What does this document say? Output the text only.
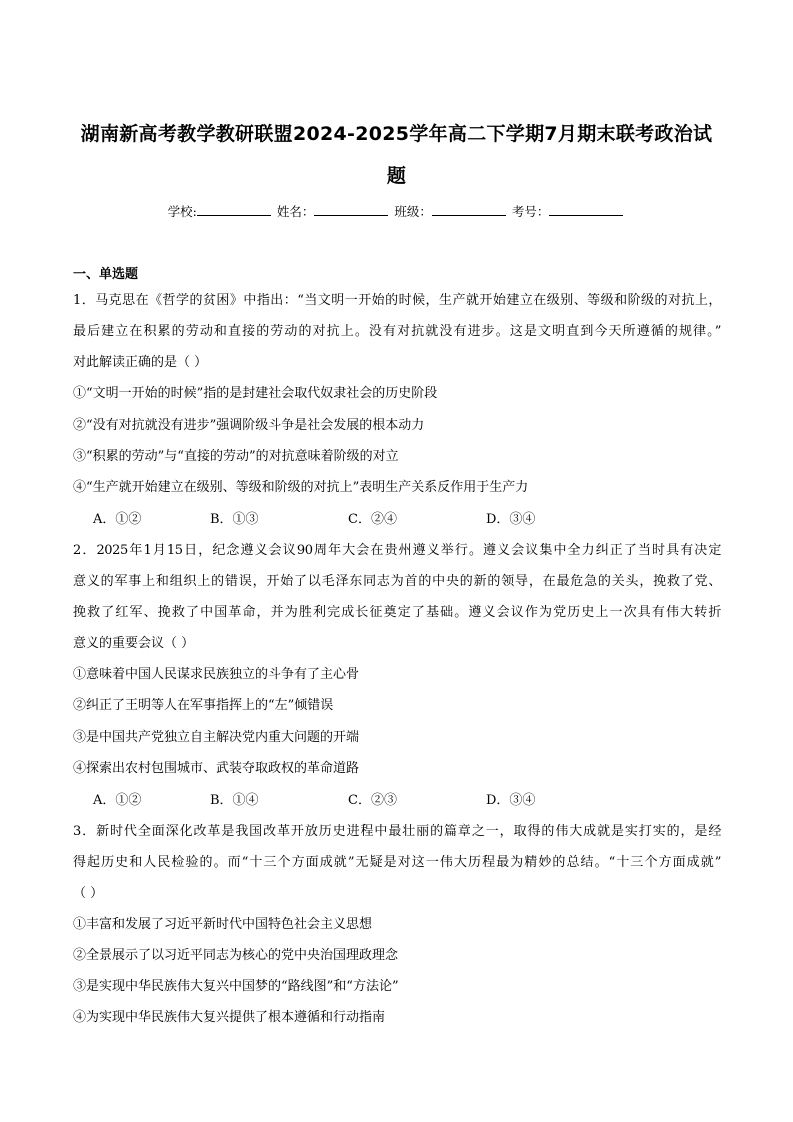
湖南新高考教学教研联盟2024-2025学年高二下学期7月期末联考政治试
题
学校:	姓名：	班级：	考号：
一、单选题
1．马克思在《哲学的贫困》中指出：“当文明一开始的时候，生产就开始建立在级别、等级和阶级的对抗上，
最后建立在积累的劳动和直接的劳动的对抗上。没有对抗就没有进步。这是文明直到今天所遵循的规律。”
对此解读正确的是（ ）
①“文明一开始的时候”指的是封建社会取代奴隶社会的历史阶段
②“没有对抗就没有进步”强调阶级斗争是社会发展的根本动力
③“积累的劳动”与“直接的劳动”的对抗意味着阶级的对立
④“生产就开始建立在级别、等级和阶级的对抗上”表明生产关系反作用于生产力
A．①②	B．①③	C．②④	D．③④
2．2025年1月15日，纪念遵义会议90周年大会在贵州遵义举行。遵义会议集中全力纠正了当时具有决定
意义的军事上和组织上的错误，开始了以毛泽东同志为首的中央的新的领导，在最危急的关头，挽救了党、
挽救了红军、挽救了中国革命，并为胜利完成长征奠定了基础。遵义会议作为党历史上一次具有伟大转折
意义的重要会议（ ）
①意味着中国人民谋求民族独立的斗争有了主心骨
②纠正了王明等人在军事指挥上的“左”倾错误
③是中国共产党独立自主解决党内重大问题的开端
④探索出农村包围城市、武装夺取政权的革命道路
A．①②	B．①④	C．②③	D．③④
3．新时代全面深化改革是我国改革开放历史进程中最壮丽的篇章之一，取得的伟大成就是实打实的，是经
得起历史和人民检验的。而“十三个方面成就”无疑是对这一伟大历程最为精妙的总结。“十三个方面成就”
（ ）
①丰富和发展了习近平新时代中国特色社会主义思想
②全景展示了以习近平同志为核心的党中央治国理政理念
③是实现中华民族伟大复兴中国梦的“路线图”和“方法论”
④为实现中华民族伟大复兴提供了根本遵循和行动指南
